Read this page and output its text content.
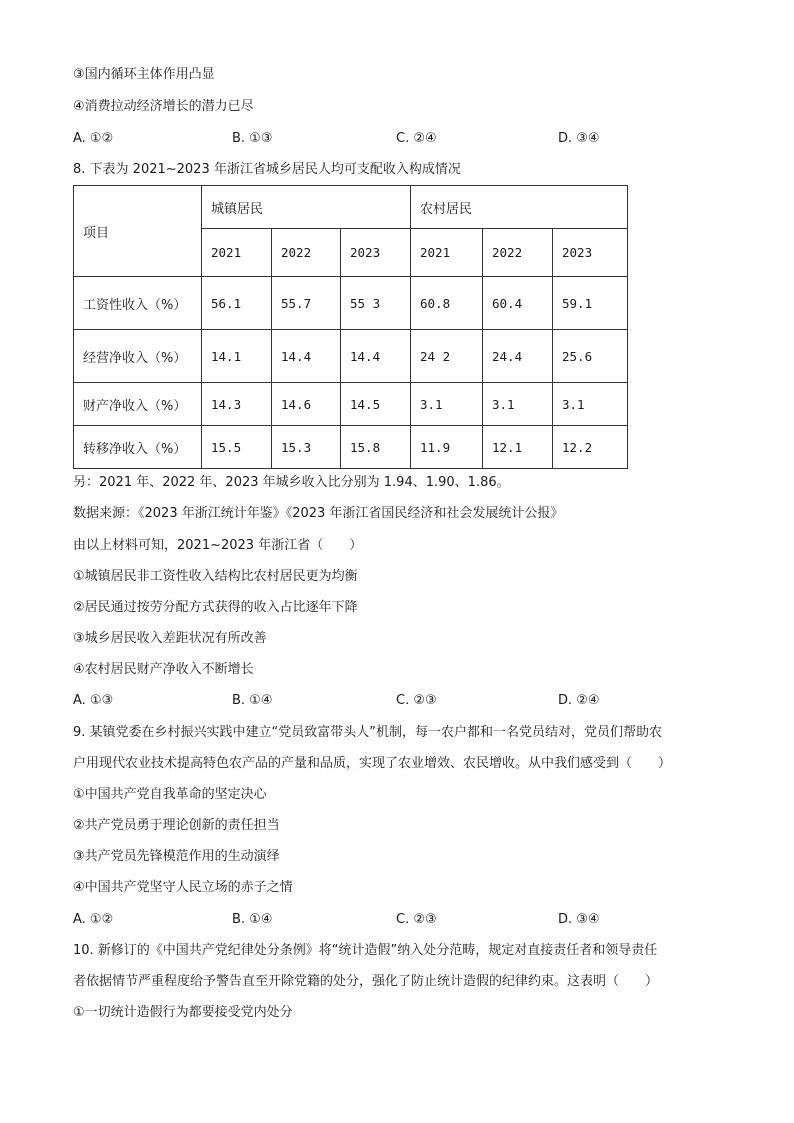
③国内循环主体作用凸显
④消费拉动经济增长的潜力已尽
A. ①②	B. ①③	C. ②④	D. ③④
8. 下表为 2021~2023 年浙江省城乡居民人均可支配收入构成情况
项目	城镇居民			农村居民		
	2021	2022	2023	2021	2022	2023
工资性收入（%）	56.1	55.7	55 3	60.8	60.4	59.1
经营净收入（%）	14.1	14.4	14.4	24 2	24.4	25.6
财产净收入（%）	14.3	14.6	14.5	3.1	3.1	3.1
转移净收入（%）	15.5	15.3	15.8	11.9	12.1	12.2
另：2021 年、2022 年、2023 年城乡收入比分别为 1.94、1.90、1.86。
数据来源：《2023 年浙江统计年鉴》《2023 年浙江省国民经济和社会发展统计公报》
由以上材料可知，2021~2023 年浙江省（　　）
①城镇居民非工资性收入结构比农村居民更为均衡
②居民通过按劳分配方式获得的收入占比逐年下降
③城乡居民收入差距状况有所改善
④农村居民财产净收入不断增长
A. ①③	B. ①④	C. ②③	D. ②④
9. 某镇党委在乡村振兴实践中建立“党员致富带头人”机制，每一农户都和一名党员结对，党员们帮助农
户用现代农业技术提高特色农产品的产量和品质，实现了农业增效、农民增收。从中我们感受到（　　）
①中国共产党自我革命的坚定决心
②共产党员勇于理论创新的责任担当
③共产党员先锋模范作用的生动演绎
④中国共产党坚守人民立场的赤子之情
A. ①②	B. ①④	C. ②③	D. ③④
10. 新修订的《中国共产党纪律处分条例》将“统计造假”纳入处分范畴，规定对直接责任者和领导责任
者依据情节严重程度给予警告直至开除党籍的处分，强化了防止统计造假的纪律约束。这表明（　　）
①一切统计造假行为都要接受党内处分
